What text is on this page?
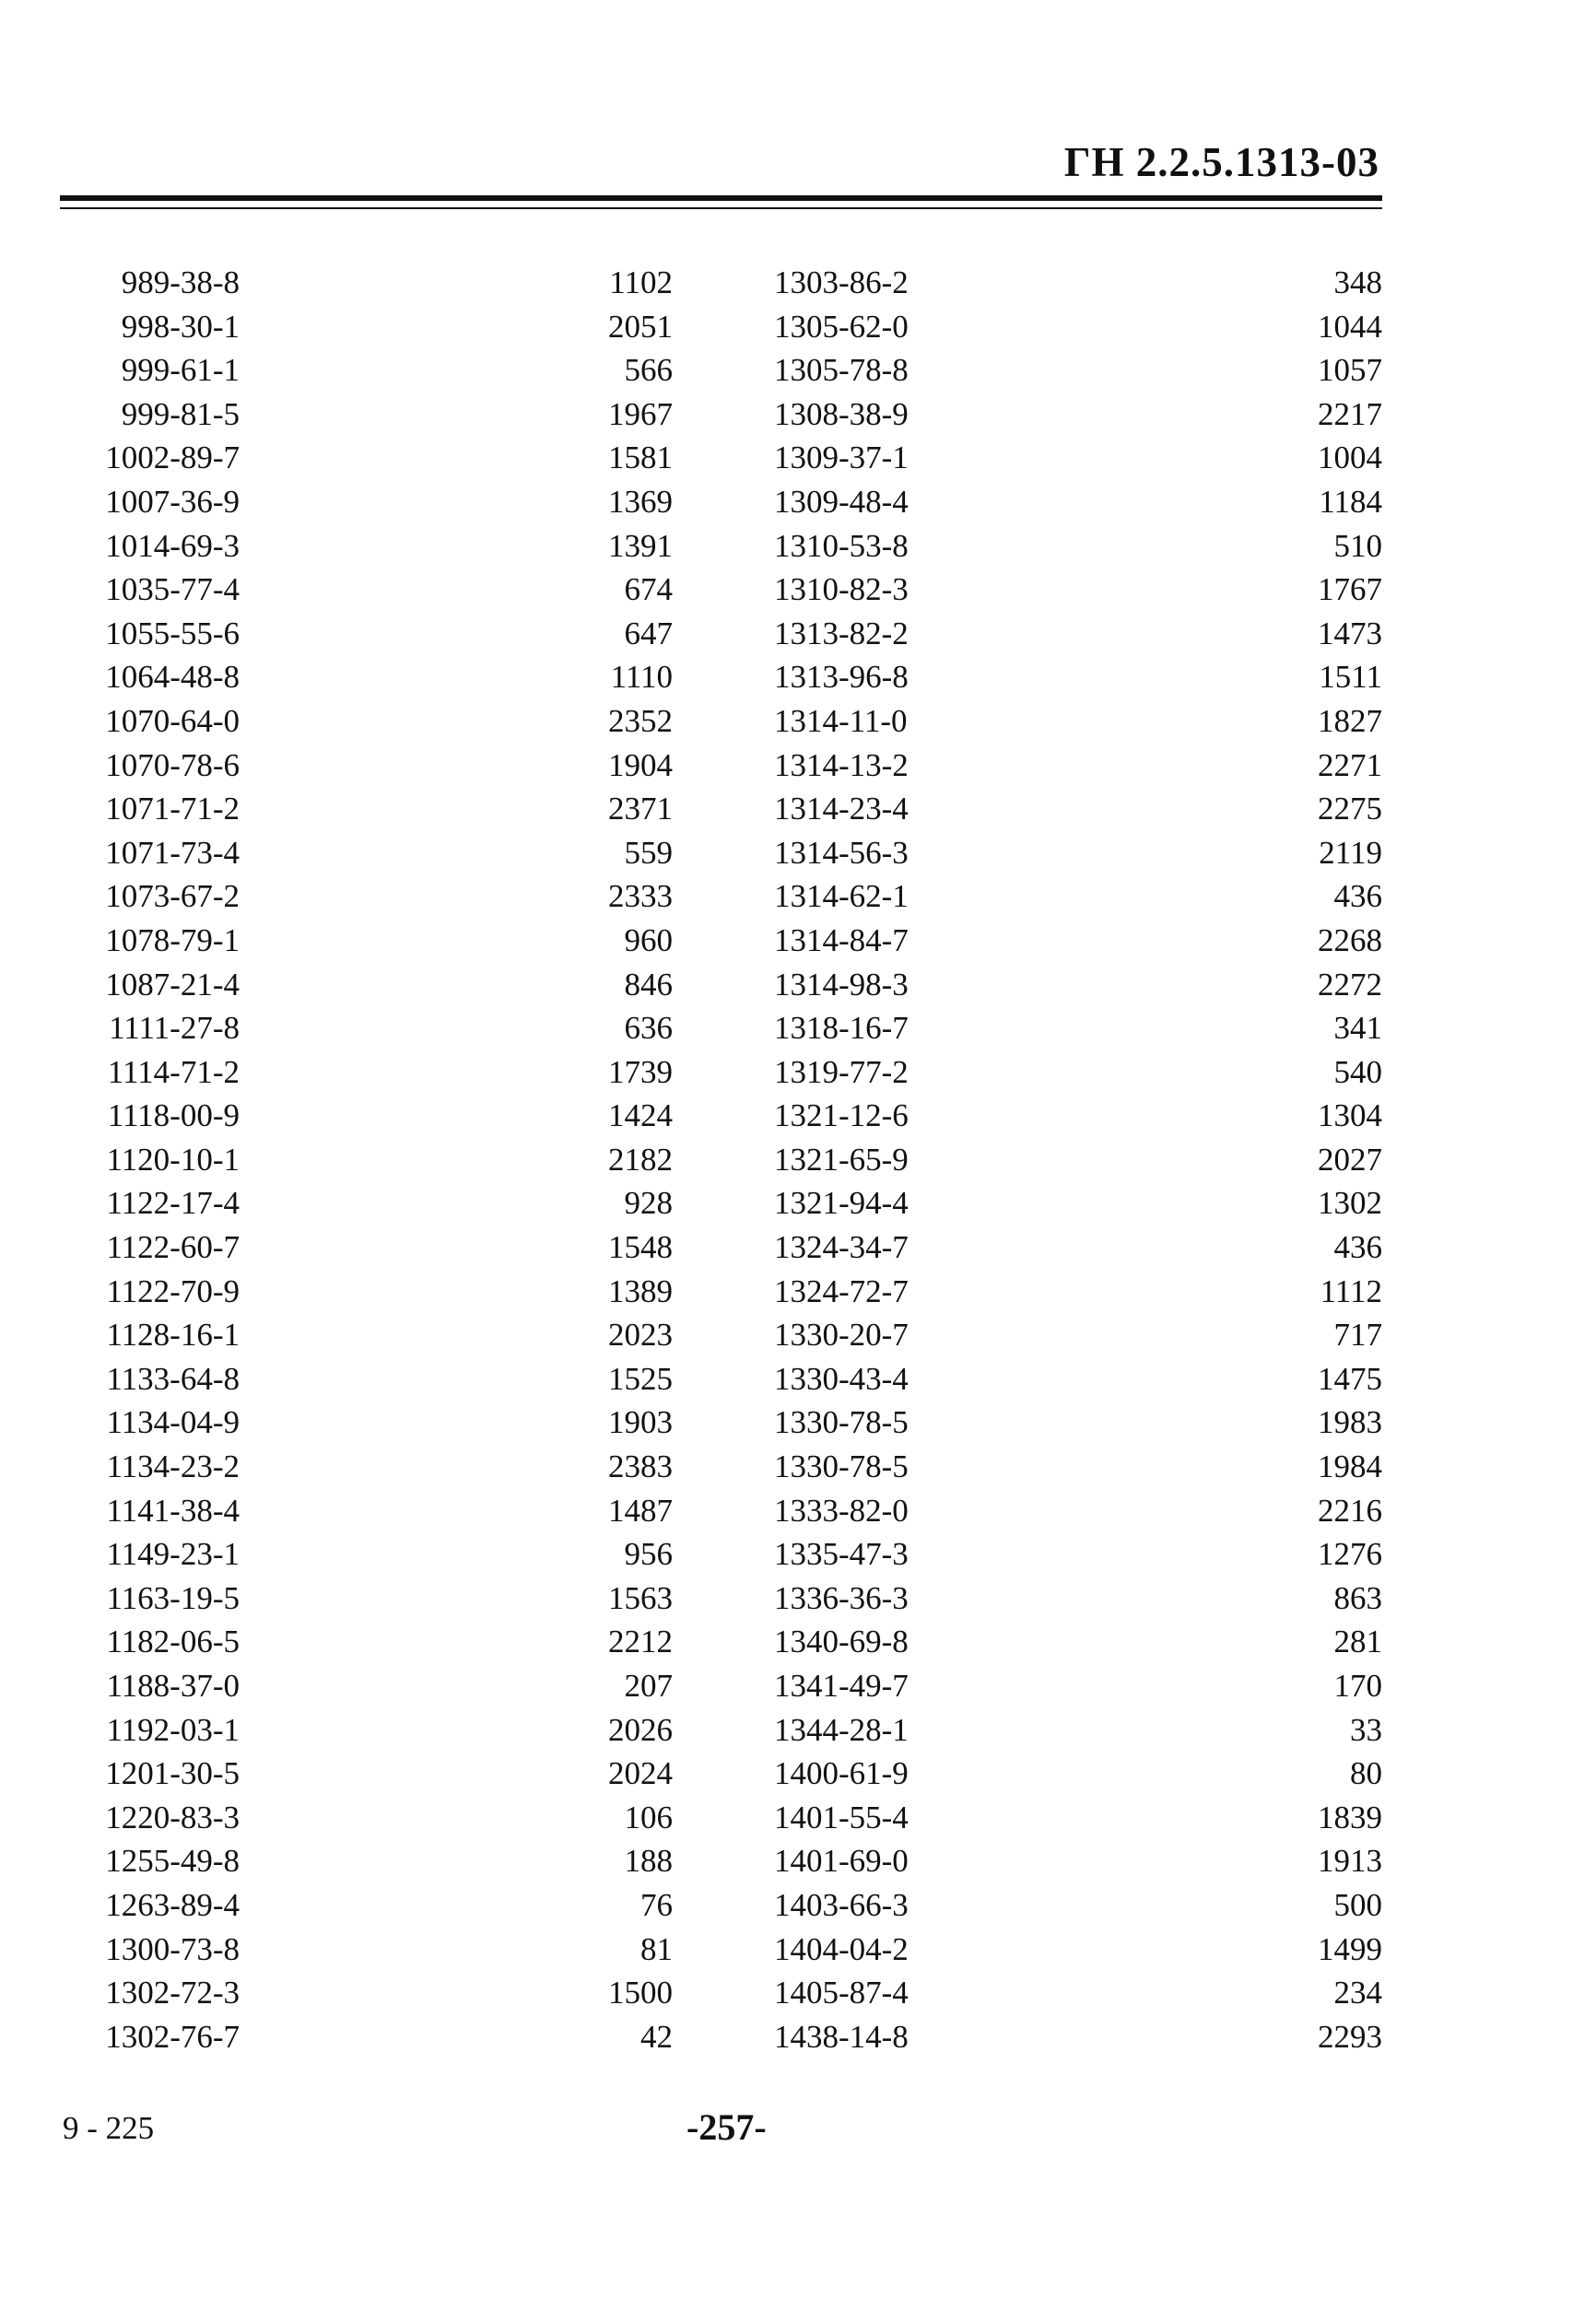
ГН 2.2.5.1313-03
989-38-8
998-30-1
999-61-1
999-81-5
1002-89-7
1007-36-9
1014-69-3
1035-77-4
1055-55-6
1064-48-8
1070-64-0
1070-78-6
1071-71-2
1071-73-4
1073-67-2
1078-79-1
1087-21-4
1111-27-8
1114-71-2
1118-00-9
1120-10-1
1122-17-4
1122-60-7
1122-70-9
1128-16-1
1133-64-8
1134-04-9
1134-23-2
1141-38-4
1149-23-1
1163-19-5
1182-06-5
1188-37-0
1192-03-1
1201-30-5
1220-83-3
1255-49-8
1263-89-4
1300-73-8
1302-72-3
1302-76-7
1102
2051
566
1967
1581
1369
1391
674
647
1110
2352
1904
2371
559
2333
960
846
636
1739
1424
2182
928
1548
1389
2023
1525
1903
2383
1487
956
1563
2212
207
2026
2024
106
188
76
81
1500
42
1303-86-2
1305-62-0
1305-78-8
1308-38-9
1309-37-1
1309-48-4
1310-53-8
1310-82-3
1313-82-2
1313-96-8
1314-11-0
1314-13-2
1314-23-4
1314-56-3
1314-62-1
1314-84-7
1314-98-3
1318-16-7
1319-77-2
1321-12-6
1321-65-9
1321-94-4
1324-34-7
1324-72-7
1330-20-7
1330-43-4
1330-78-5
1330-78-5
1333-82-0
1335-47-3
1336-36-3
1340-69-8
1341-49-7
1344-28-1
1400-61-9
1401-55-4
1401-69-0
1403-66-3
1404-04-2
1405-87-4
1438-14-8
348
1044
1057
2217
1004
1184
510
1767
1473
1511
1827
2271
2275
2119
436
2268
2272
341
540
1304
2027
1302
436
1112
717
1475
1983
1984
2216
1276
863
281
170
33
80
1839
1913
500
1499
234
2293
9 - 225	-257-
